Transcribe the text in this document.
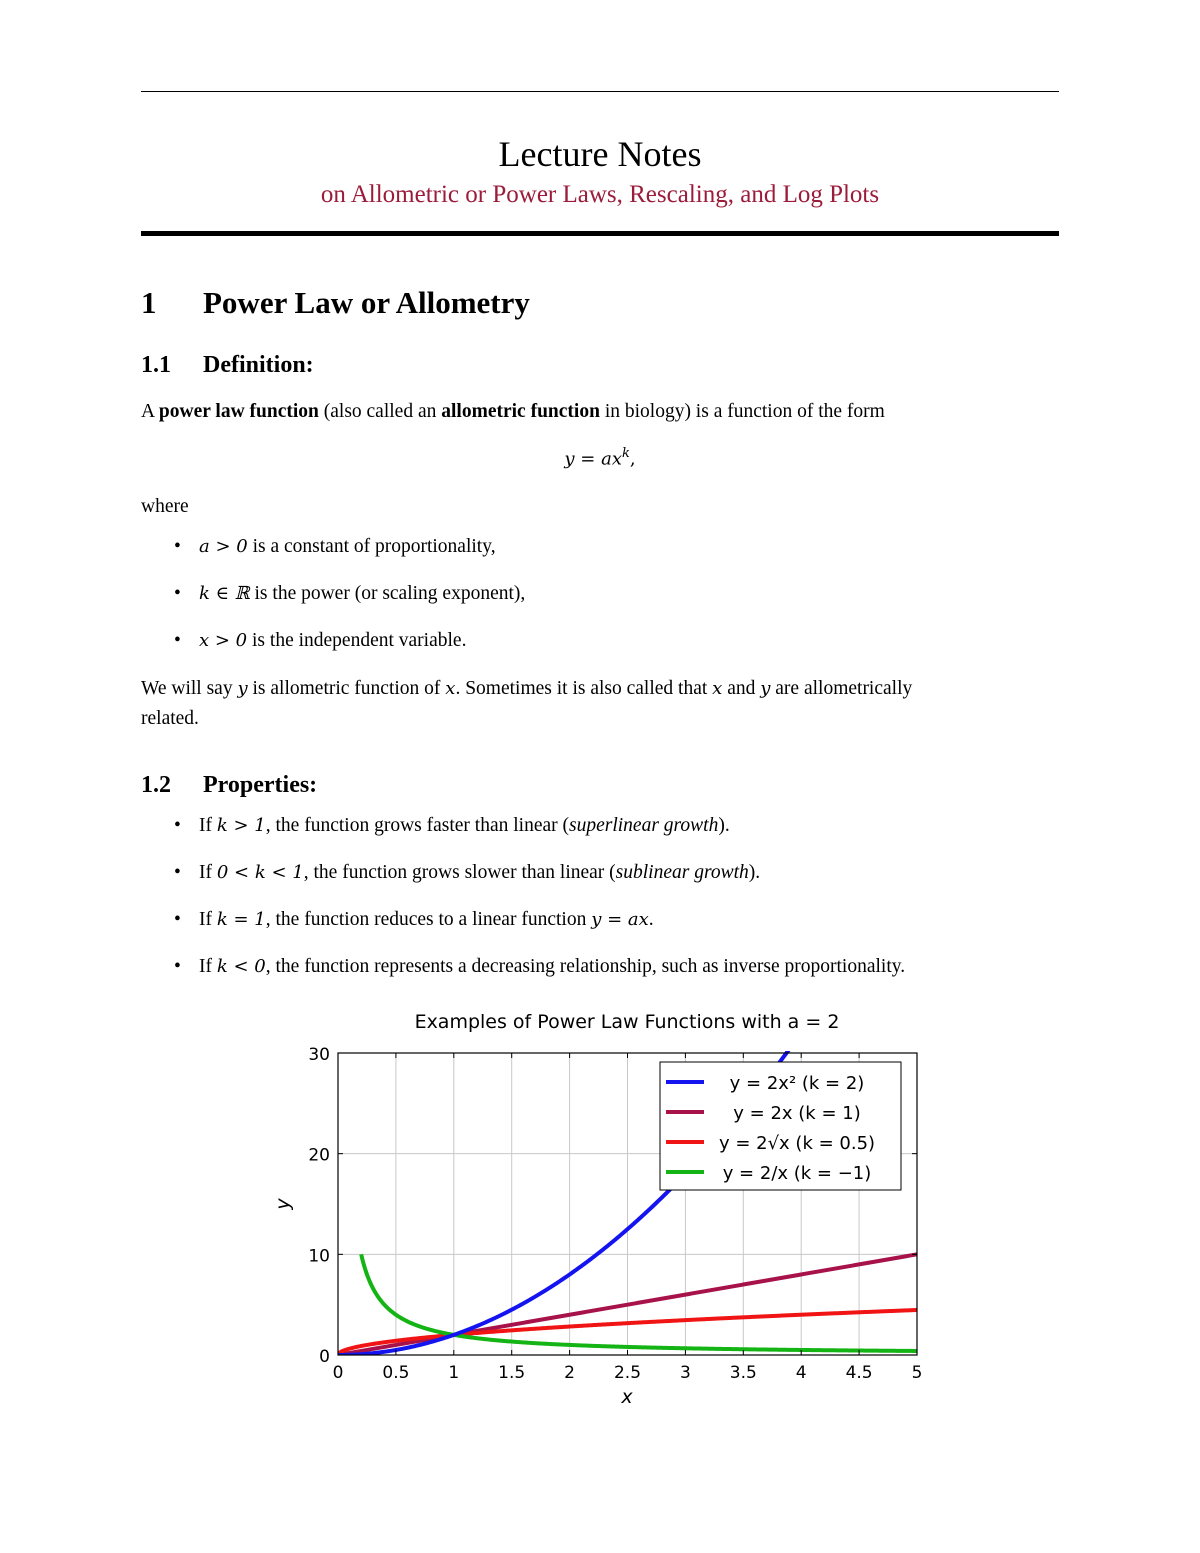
Lecture Notes
on Allometric or Power Laws, Rescaling, and Log Plots
1 Power Law or Allometry
1.1 Definition:
A power law function (also called an allometric function in biology) is a function of the form
$y = ax^k$,
where
• a > 0 is a constant of proportionality,
• k ∈ ℝ is the power (or scaling exponent),
• x > 0 is the independent variable.
We will say y is allometric function of x. Sometimes it is also called that x and y are allometrically
related.
1.2 Properties:
• If k > 1, the function grows faster than linear (superlinear growth).
• If 0 < k < 1, the function grows slower than linear (sublinear growth).
• If k = 1, the function reduces to a linear function y = ax.
• If k < 0, the function represents a decreasing relationship, such as inverse proportionality.
Examples of Power Law Functions with a = 2
0 0.5 1 1.5 2 2.5 3 3.5 4 4.5 5
0
10
20
30
x
y
y = 2x² (k = 2)
y = 2x (k = 1)
y = 2√x (k = 0.5)
y = 2/x (k = −1)
